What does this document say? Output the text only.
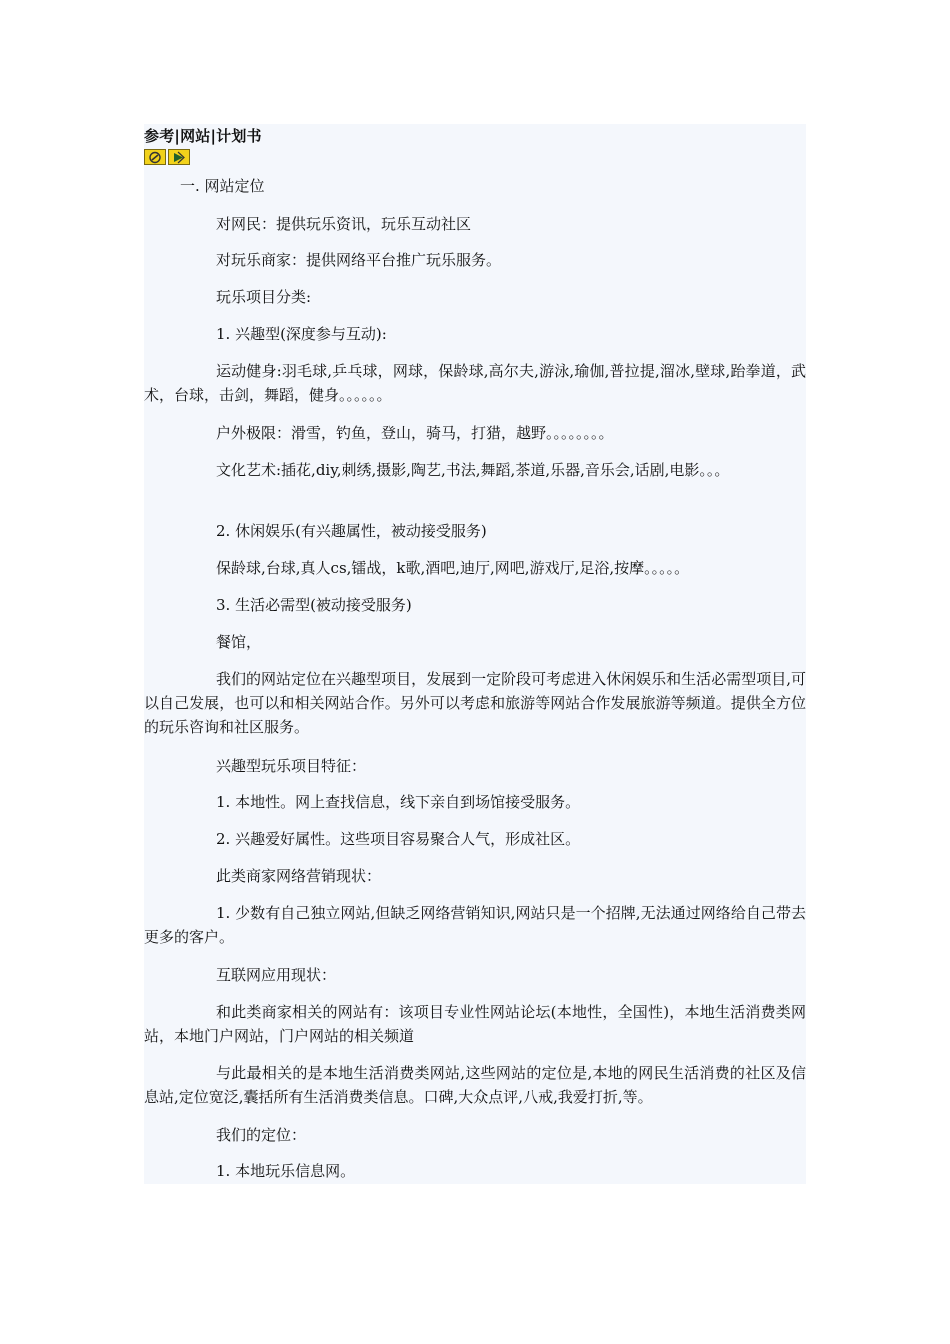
参考|网站|计划书

一. 网站定位

对网民：提供玩乐资讯，玩乐互动社区

对玩乐商家：提供网络平台推广玩乐服务。

玩乐项目分类:

1. 兴趣型(深度参与互动):

运动健身:羽毛球,乒乓球，网球，保龄球,高尔夫,游泳,瑜伽,普拉提,溜冰,壁球,跆拳道，武术，台球，击剑，舞蹈，健身。。。。。。

户外极限：滑雪，钓鱼，登山，骑马，打猎，越野。。。。。。。。

文化艺术:插花,diy,刺绣,摄影,陶艺,书法,舞蹈,茶道,乐器,音乐会,话剧,电影。。。

2. 休闲娱乐(有兴趣属性，被动接受服务)

保龄球,台球,真人cs,镭战，k歌,酒吧,迪厅,网吧,游戏厅,足浴,按摩。。。。。

3. 生活必需型(被动接受服务)

餐馆，

我们的网站定位在兴趣型项目，发展到一定阶段可考虑进入休闲娱乐和生活必需型项目,可以自己发展，也可以和相关网站合作。另外可以考虑和旅游等网站合作发展旅游等频道。提供全方位的玩乐咨询和社区服务。

兴趣型玩乐项目特征：

1. 本地性。网上查找信息，线下亲自到场馆接受服务。

2. 兴趣爱好属性。这些项目容易聚合人气，形成社区。

此类商家网络营销现状：

1. 少数有自己独立网站,但缺乏网络营销知识,网站只是一个招牌,无法通过网络给自己带去更多的客户。

互联网应用现状：

和此类商家相关的网站有：该项目专业性网站论坛(本地性，全国性)，本地生活消费类网站，本地门户网站，门户网站的相关频道

与此最相关的是本地生活消费类网站,这些网站的定位是,本地的网民生活消费的社区及信息站,定位宽泛,囊括所有生活消费类信息。口碑,大众点评,八戒,我爱打折,等。

我们的定位：

1. 本地玩乐信息网。
